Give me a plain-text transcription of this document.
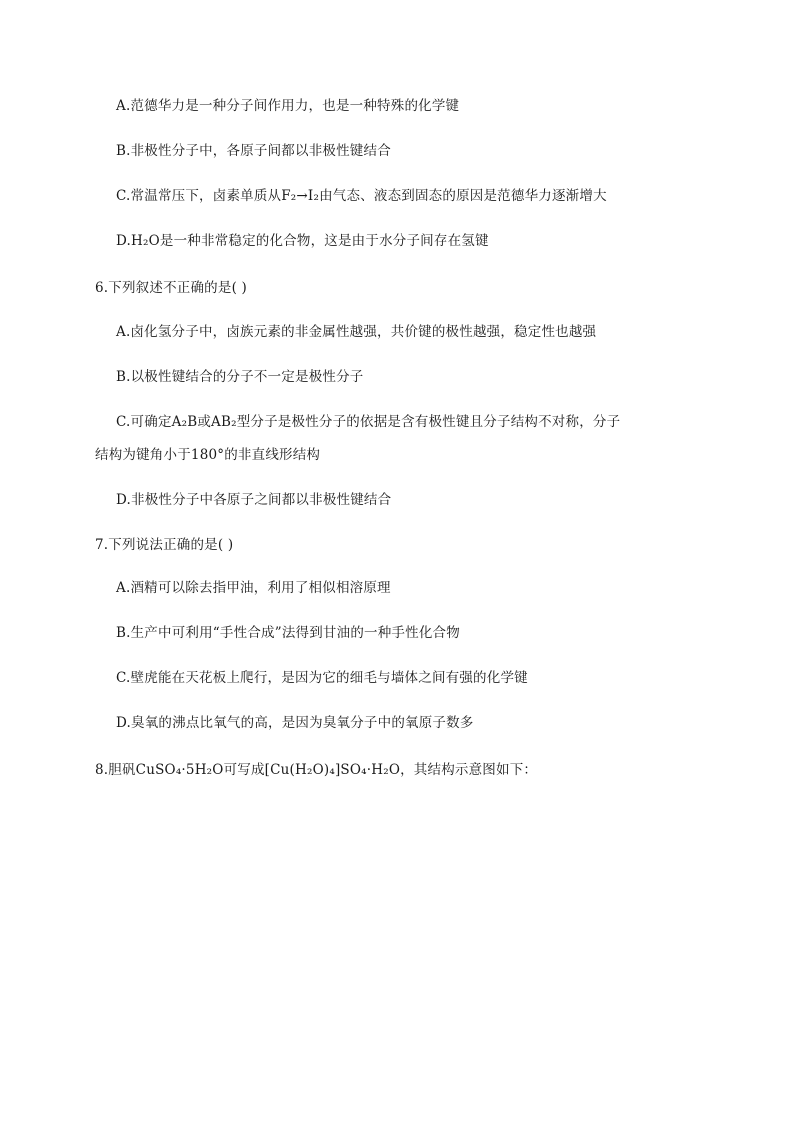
A.范德华力是一种分子间作用力，也是一种特殊的化学键
B.非极性分子中，各原子间都以非极性键结合
C.常温常压下，卤素单质从F₂→I₂由气态、液态到固态的原因是范德华力逐渐增大
D.H₂O是一种非常稳定的化合物，这是由于水分子间存在氢键
6.下列叙述不正确的是( )
A.卤化氢分子中，卤族元素的非金属性越强，共价键的极性越强，稳定性也越强
B.以极性键结合的分子不一定是极性分子
C.可确定A₂B或AB₂型分子是极性分子的依据是含有极性键且分子结构不对称，分子
结构为键角小于180°的非直线形结构
D.非极性分子中各原子之间都以非极性键结合
7.下列说法正确的是( )
A.酒精可以除去指甲油，利用了相似相溶原理
B.生产中可利用“手性合成”法得到甘油的一种手性化合物
C.壁虎能在天花板上爬行，是因为它的细毛与墙体之间有强的化学键
D.臭氧的沸点比氧气的高，是因为臭氧分子中的氧原子数多
8.胆矾CuSO₄·5H₂O可写成[Cu(H₂O)₄]SO₄·H₂O，其结构示意图如下：
